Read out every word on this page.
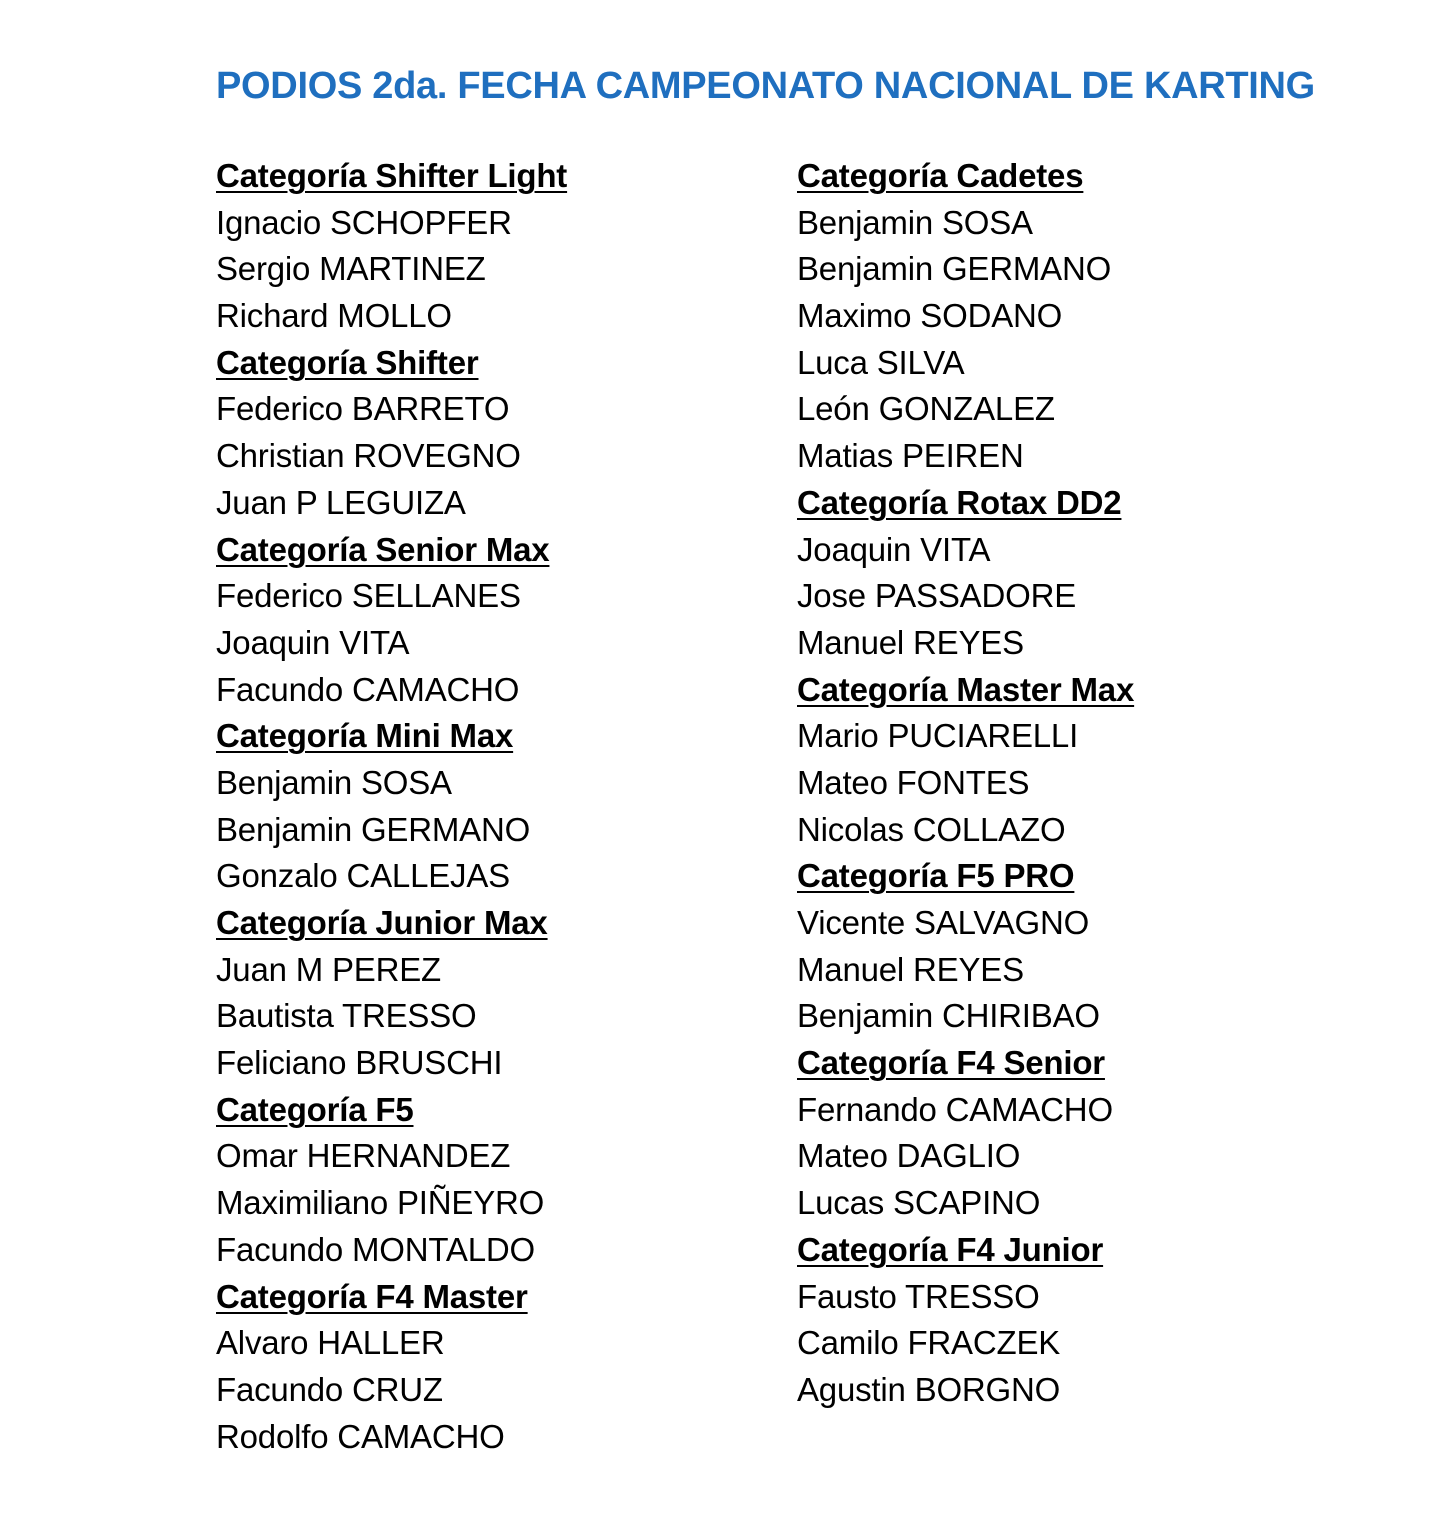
PODIOS 2da. FECHA CAMPEONATO NACIONAL DE KARTING
Categoría Shifter Light
Ignacio SCHOPFER
Sergio MARTINEZ
Richard MOLLO
Categoría Shifter
Federico BARRETO
Christian ROVEGNO
Juan P LEGUIZA
Categoría Senior Max
Federico SELLANES
Joaquin VITA
Facundo CAMACHO
Categoría Mini Max
Benjamin SOSA
Benjamin GERMANO
Gonzalo CALLEJAS
Categoría Junior Max
Juan M PEREZ
Bautista TRESSO
Feliciano BRUSCHI
Categoría F5
Omar HERNANDEZ
Maximiliano PIÑEYRO
Facundo MONTALDO
Categoría F4 Master
Alvaro HALLER
Facundo CRUZ
Rodolfo CAMACHO
Categoría Cadetes
Benjamin SOSA
Benjamin GERMANO
Maximo SODANO
Luca SILVA
León GONZALEZ
Matias PEIREN
Categoría Rotax DD2
Joaquin VITA
Jose PASSADORE
Manuel REYES
Categoría Master Max
Mario PUCIARELLI
Mateo FONTES
Nicolas COLLAZO
Categoría F5 PRO
Vicente SALVAGNO
Manuel REYES
Benjamin CHIRIBAO
Categoría F4 Senior
Fernando CAMACHO
Mateo DAGLIO
Lucas SCAPINO
Categoría F4 Junior
Fausto TRESSO
Camilo FRACZEK
Agustin BORGNO
